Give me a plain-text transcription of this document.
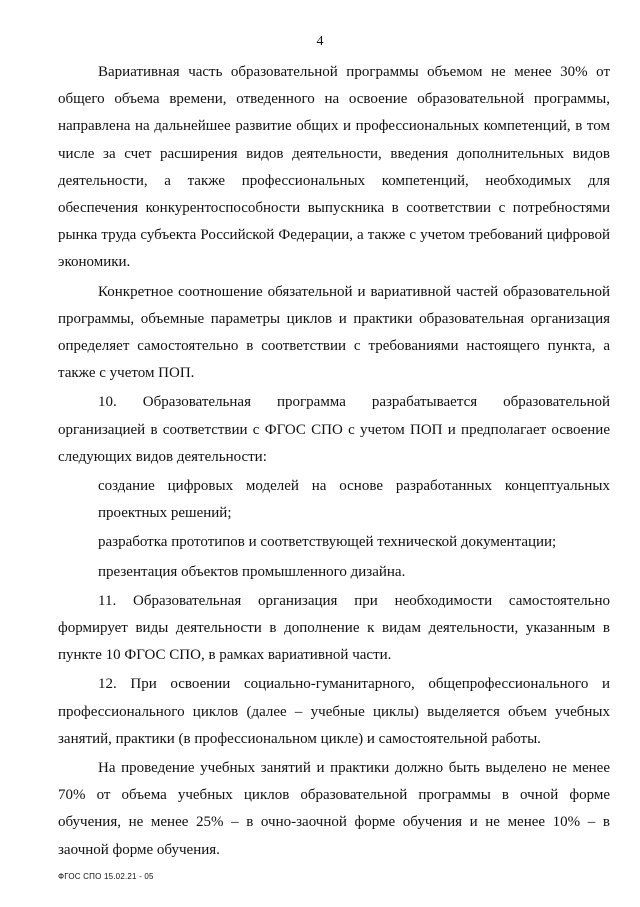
4

Вариативная часть образовательной программы объемом не менее 30% от общего объема времени, отведенного на освоение образовательной программы, направлена на дальнейшее развитие общих и профессиональных компетенций, в том числе за счет расширения видов деятельности, введения дополнительных видов деятельности, а также профессиональных компетенций, необходимых для обеспечения конкурентоспособности выпускника в соответствии с потребностями рынка труда субъекта Российской Федерации, а также с учетом требований цифровой экономики.

Конкретное соотношение обязательной и вариативной частей образовательной программы, объемные параметры циклов и практики образовательная организация определяет самостоятельно в соответствии с требованиями настоящего пункта, а также с учетом ПОП.

10. Образовательная программа разрабатывается образовательной организацией в соответствии с ФГОС СПО с учетом ПОП и предполагает освоение следующих видов деятельности:

создание цифровых моделей на основе разработанных концептуальных проектных решений;

разработка прототипов и соответствующей технической документации;

презентация объектов промышленного дизайна.

11. Образовательная организация при необходимости самостоятельно формирует виды деятельности в дополнение к видам деятельности, указанным в пункте 10 ФГОС СПО, в рамках вариативной части.

12. При освоении социально-гуманитарного, общепрофессионального и профессионального циклов (далее – учебные циклы) выделяется объем учебных занятий, практики (в профессиональном цикле) и самостоятельной работы.

На проведение учебных занятий и практики должно быть выделено не менее 70% от объема учебных циклов образовательной программы в очной форме обучения, не менее 25% – в очно-заочной форме обучения и не менее 10% – в заочной форме обучения.

ФГОС СПО 15.02.21 - 05
